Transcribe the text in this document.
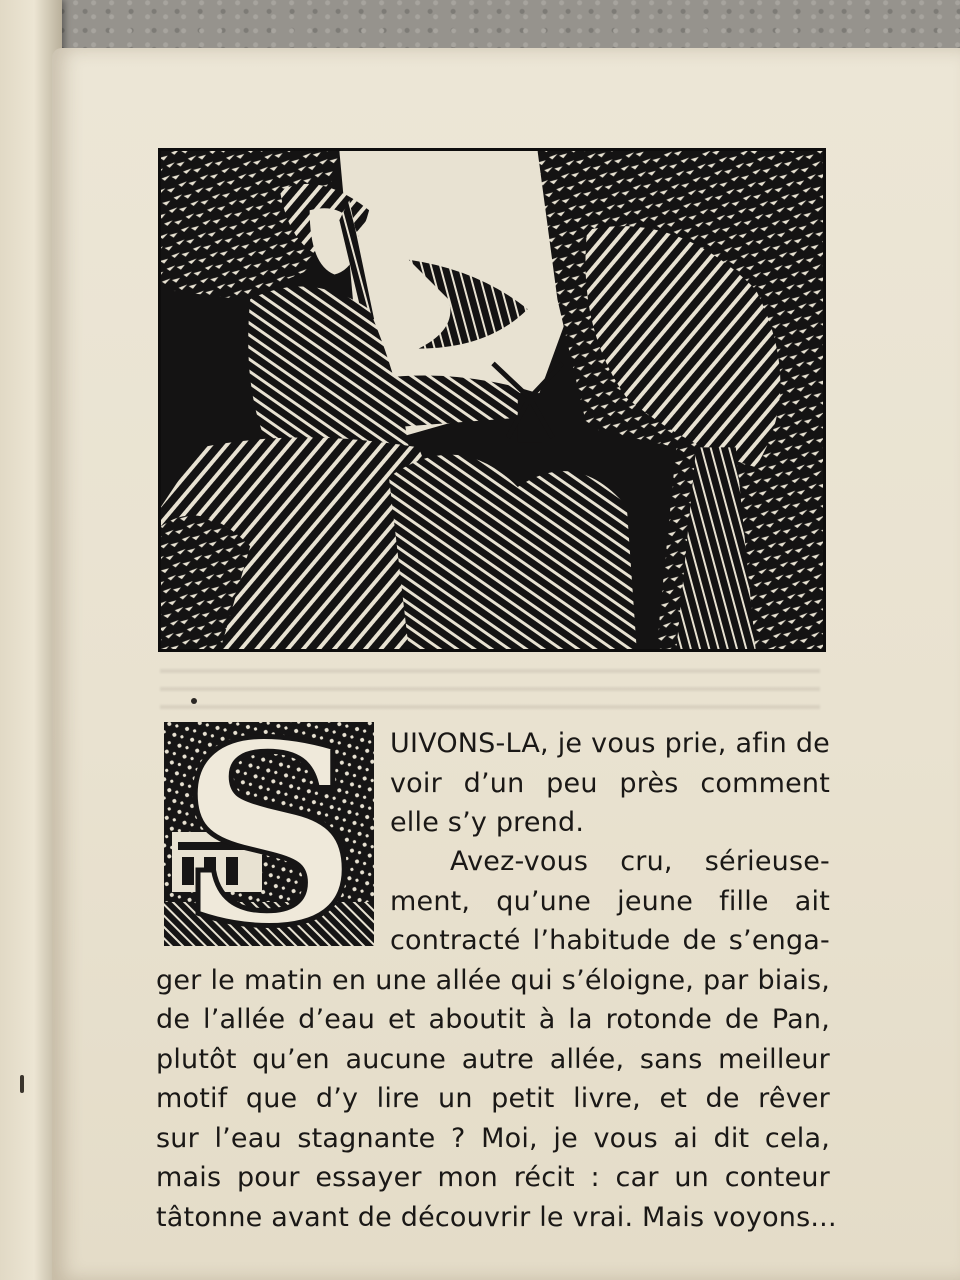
S UIVONS-LA, je vous prie, afin de
voir d’un peu près comment
elle s’y prend.
Avez-vous cru, sérieuse-
ment, qu’une jeune fille ait
contracté l’habitude de s’enga-
ger le matin en une allée qui s’éloigne, par biais,
de l’allée d’eau et aboutit à la rotonde de Pan,
plutôt qu’en aucune autre allée, sans meilleur
motif que d’y lire un petit livre, et de rêver
sur l’eau stagnante ? Moi, je vous ai dit cela,
mais pour essayer mon récit : car un conteur
tâtonne avant de découvrir le vrai. Mais voyons...
